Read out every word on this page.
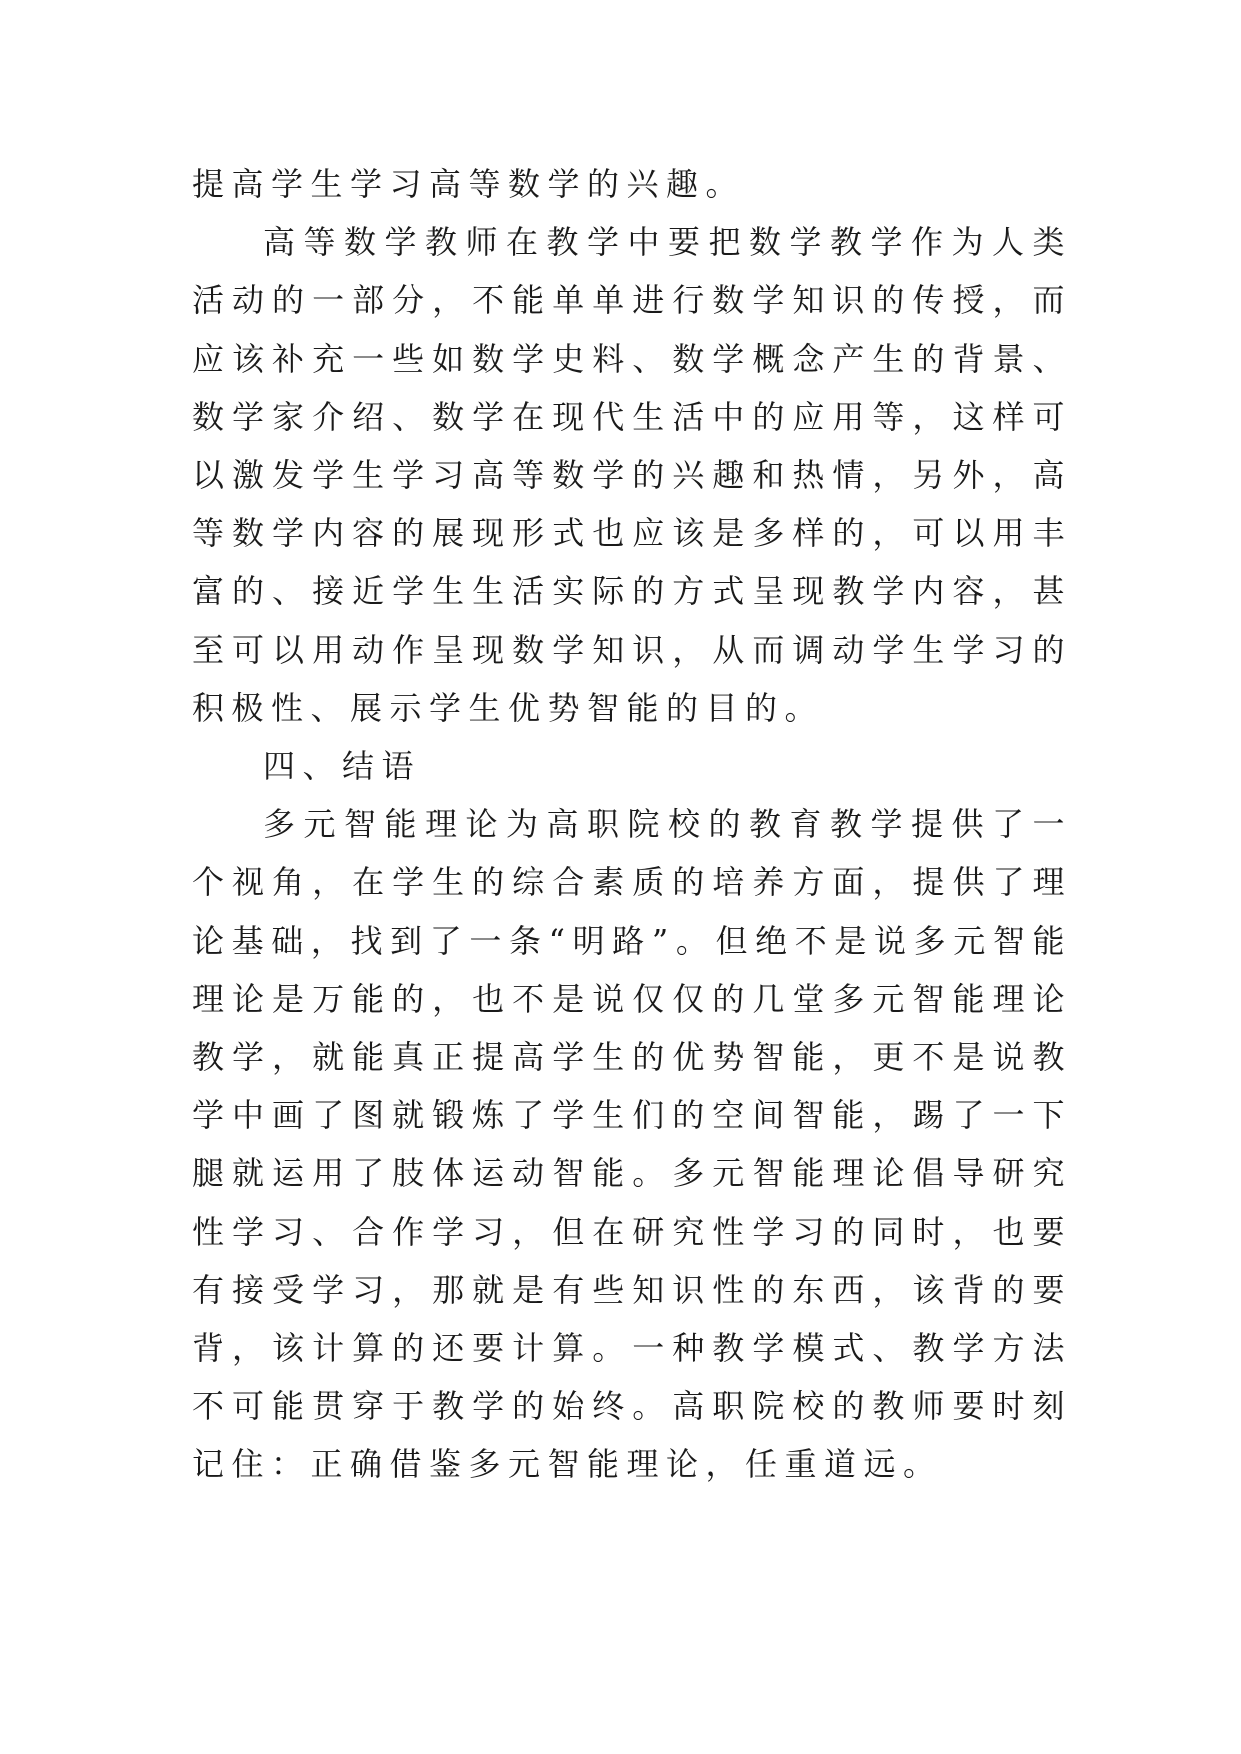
提高学生学习高等数学的兴趣。

高等数学教师在教学中要把数学教学作为人类活动的一部分，不能单单进行数学知识的传授，而应该补充一些如数学史料、数学概念产生的背景、数学家介绍、数学在现代生活中的应用等，这样可以激发学生学习高等数学的兴趣和热情，另外，高等数学内容的展现形式也应该是多样的，可以用丰富的、接近学生生活实际的方式呈现教学内容，甚至可以用动作呈现数学知识，从而调动学生学习的积极性、展示学生优势智能的目的。

四、结语

多元智能理论为高职院校的教育教学提供了一个视角，在学生的综合素质的培养方面，提供了理论基础，找到了一条“明路”。但绝不是说多元智能理论是万能的，也不是说仅仅的几堂多元智能理论教学，就能真正提高学生的优势智能，更不是说教学中画了图就锻炼了学生们的空间智能，踢了一下腿就运用了肢体运动智能。多元智能理论倡导研究性学习、合作学习，但在研究性学习的同时，也要有接受学习，那就是有些知识性的东西，该背的要背，该计算的还要计算。一种教学模式、教学方法不可能贯穿于教学的始终。高职院校的教师要时刻记住：正确借鉴多元智能理论，任重道远。
